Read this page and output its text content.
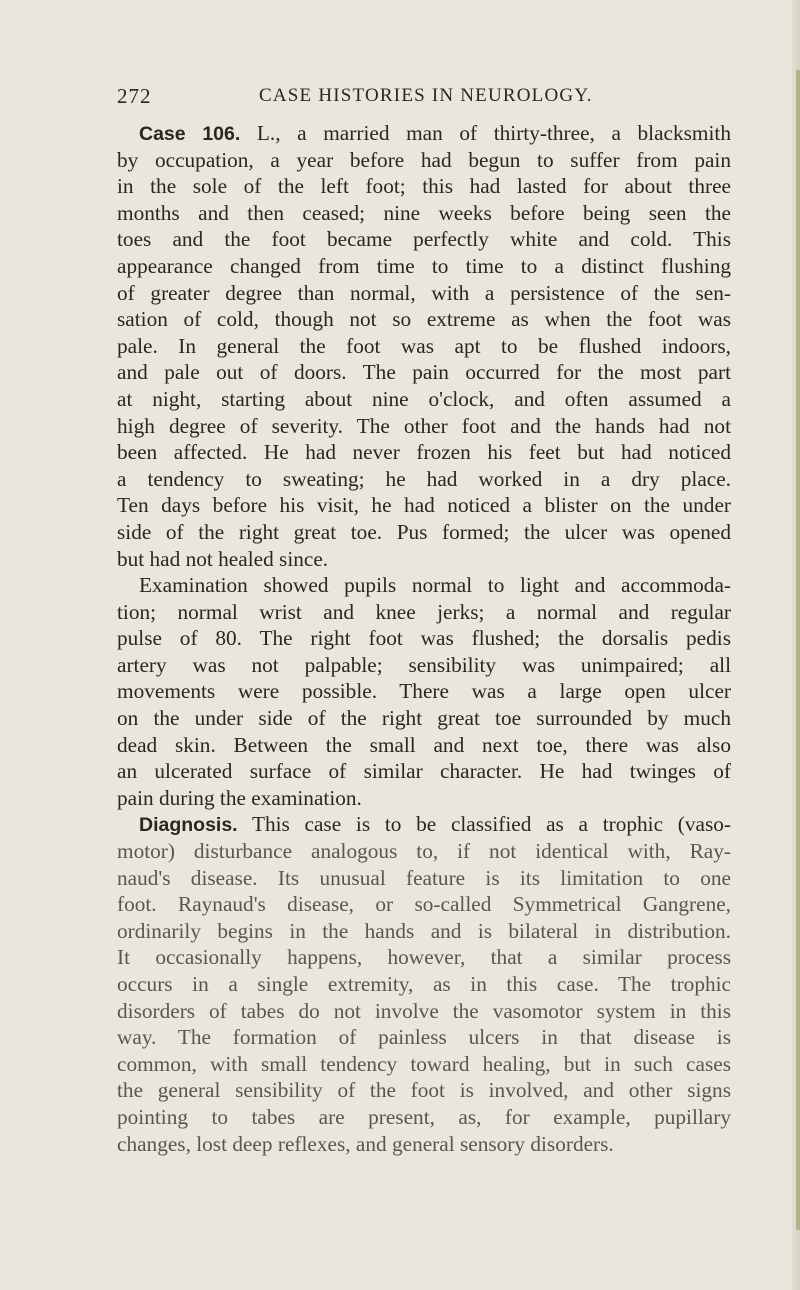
272	CASE HISTORIES IN NEUROLOGY.
Case 106. L., a married man of thirty-three, a blacksmith
by occupation, a year before had begun to suffer from pain
in the sole of the left foot; this had lasted for about three
months and then ceased; nine weeks before being seen the
toes and the foot became perfectly white and cold. This
appearance changed from time to time to a distinct flushing
of greater degree than normal, with a persistence of the sen-
sation of cold, though not so extreme as when the foot was
pale. In general the foot was apt to be flushed indoors,
and pale out of doors. The pain occurred for the most part
at night, starting about nine o'clock, and often assumed a
high degree of severity. The other foot and the hands had not
been affected. He had never frozen his feet but had noticed
a tendency to sweating; he had worked in a dry place.
Ten days before his visit, he had noticed a blister on the under
side of the right great toe. Pus formed; the ulcer was opened
but had not healed since.
Examination showed pupils normal to light and accommoda-
tion; normal wrist and knee jerks; a normal and regular
pulse of 80. The right foot was flushed; the dorsalis pedis
artery was not palpable; sensibility was unimpaired; all
movements were possible. There was a large open ulcer
on the under side of the right great toe surrounded by much
dead skin. Between the small and next toe, there was also
an ulcerated surface of similar character. He had twinges of
pain during the examination.
Diagnosis. This case is to be classified as a trophic (vaso-
motor) disturbance analogous to, if not identical with, Ray-
naud's disease. Its unusual feature is its limitation to one
foot. Raynaud's disease, or so-called Symmetrical Gangrene,
ordinarily begins in the hands and is bilateral in distribution.
It occasionally happens, however, that a similar process
occurs in a single extremity, as in this case. The trophic
disorders of tabes do not involve the vasomotor system in this
way. The formation of painless ulcers in that disease is
common, with small tendency toward healing, but in such cases
the general sensibility of the foot is involved, and other signs
pointing to tabes are present, as, for example, pupillary
changes, lost deep reflexes, and general sensory disorders.
